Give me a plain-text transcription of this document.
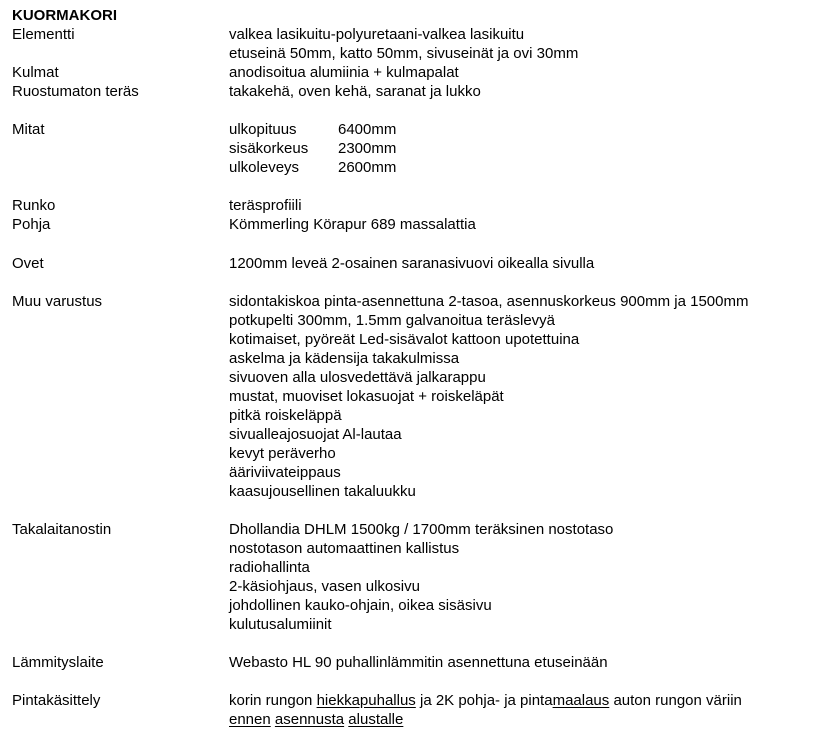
KUORMAKORI
Elementti	valkea lasikuitu-polyuretaani-valkea lasikuitu
etuseinä 50mm, katto 50mm, sivuseinät ja ovi 30mm
Kulmat	anodisoitua alumiinia + kulmapalat
Ruostumaton teräs	takakehä, oven kehä, saranat ja lukko
Mitat	ulkopituus	6400mm
sisäkorkeus 2300mm
ulkoleveys	2600mm
Runko	teräsprofiili
Pohja	Kömmerling Körapur 689 massalattia
Ovet	1200mm leveä 2-osainen saranasivuovi oikealla sivulla
Muu varustus	sidontakiskoa pinta-asennettuna 2-tasoa, asennuskorkeus 900mm ja 1500mm
potkupelti 300mm, 1.5mm galvanoitua teräslevyä
kotimaiset, pyöreät Led-sisävalot kattoon upotettuina
askelma ja kädensija takakulmissa
sivuoven alla ulosvedettävä jalkarappu
mustat, muoviset lokasuojat + roiskeläpät
pitkä roiskeläppä
sivualleajosuojat Al-lautaa
kevyt peräverho
ääriviivateippaus
kaasujousellinen takaluukku
Takalaitanostin	Dhollandia DHLM 1500kg / 1700mm teräksinen nostotaso
nostotason automaattinen kallistus
radiohallinta
2-käsiohjaus, vasen ulkosivu
johdollinen kauko-ohjain, oikea sisäsivu
kulutusalumiinit
Lämmityslaite	Webasto HL 90 puhallinlämmitin asennettuna etuseinään
Pintakäsittely	korin rungon hiekkapuhallus ja 2K pohja- ja pintamaalaus auton rungon väriin
ennen asennusta alustalle
